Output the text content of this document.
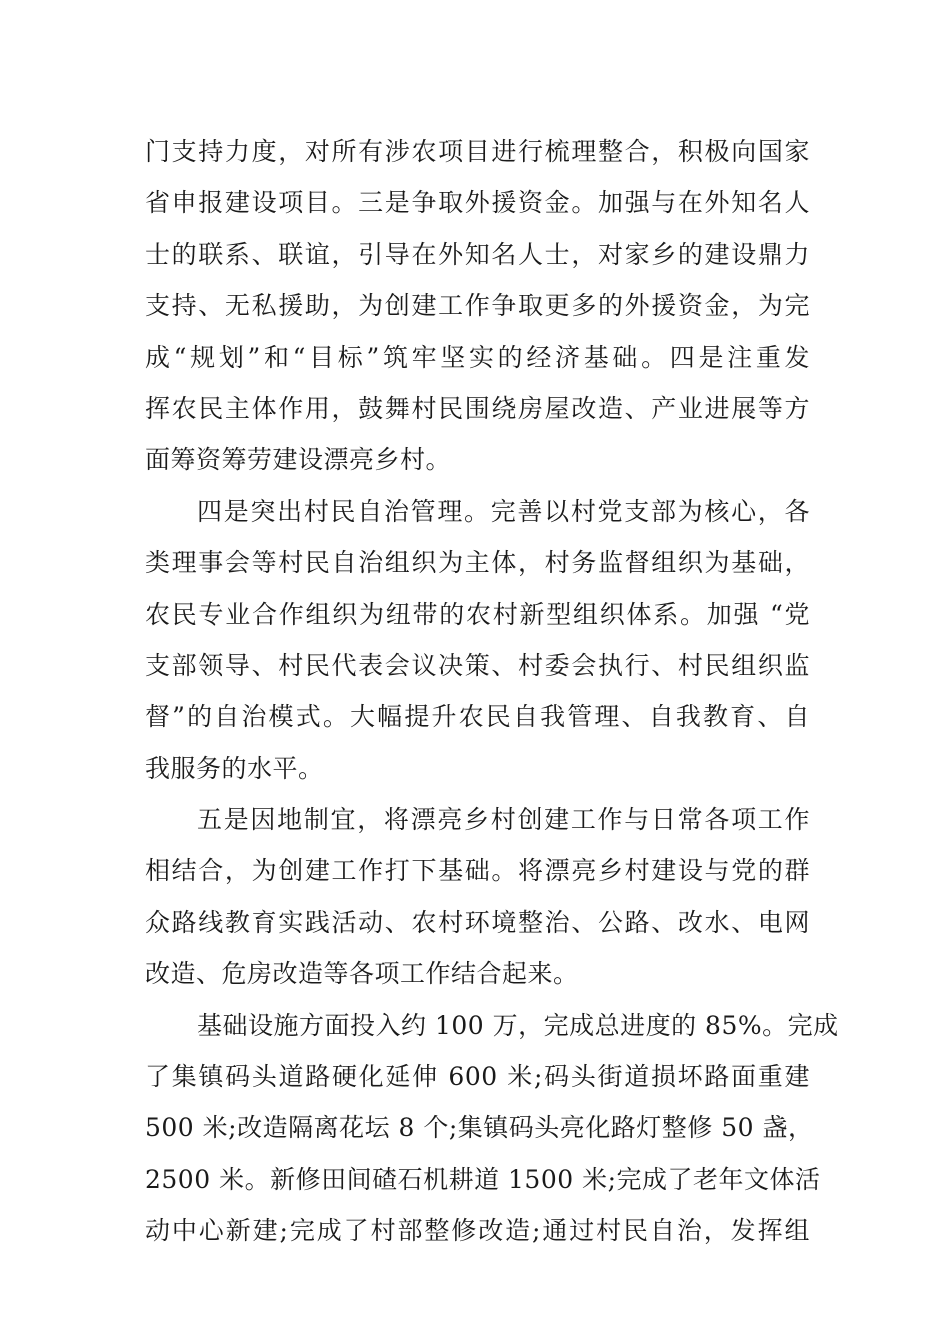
门支持力度，对所有涉农项目进行梳理整合，积极向国家
省申报建设项目。三是争取外援资金。加强与在外知名人
士的联系、联谊，引导在外知名人士，对家乡的建设鼎力
支持、无私援助，为创建工作争取更多的外援资金，为完
成“规划”和“目标”筑牢坚实的经济基础。四是注重发
挥农民主体作用，鼓舞村民围绕房屋改造、产业进展等方
面筹资筹劳建设漂亮乡村。
四是突出村民自治管理。完善以村党支部为核心，各
类理事会等村民自治组织为主体，村务监督组织为基础，
农民专业合作组织为纽带的农村新型组织体系。加强 “党
支部领导、村民代表会议决策、村委会执行、村民组织监
督”的自治模式。大幅提升农民自我管理、自我教育、自
我服务的水平。
五是因地制宜，将漂亮乡村创建工作与日常各项工作
相结合，为创建工作打下基础。将漂亮乡村建设与党的群
众路线教育实践活动、农村环境整治、公路、改水、电网
改造、危房改造等各项工作结合起来。
基础设施方面投入约 100 万，完成总进度的 85%。完成
了集镇码头道路硬化延伸 600 米;码头街道损坏路面重建
500 米;改造隔离花坛 8 个;集镇码头亮化路灯整修 50 盏，
2500 米。新修田间碴石机耕道 1500 米;完成了老年文体活
动中心新建;完成了村部整修改造;通过村民自治，发挥组
